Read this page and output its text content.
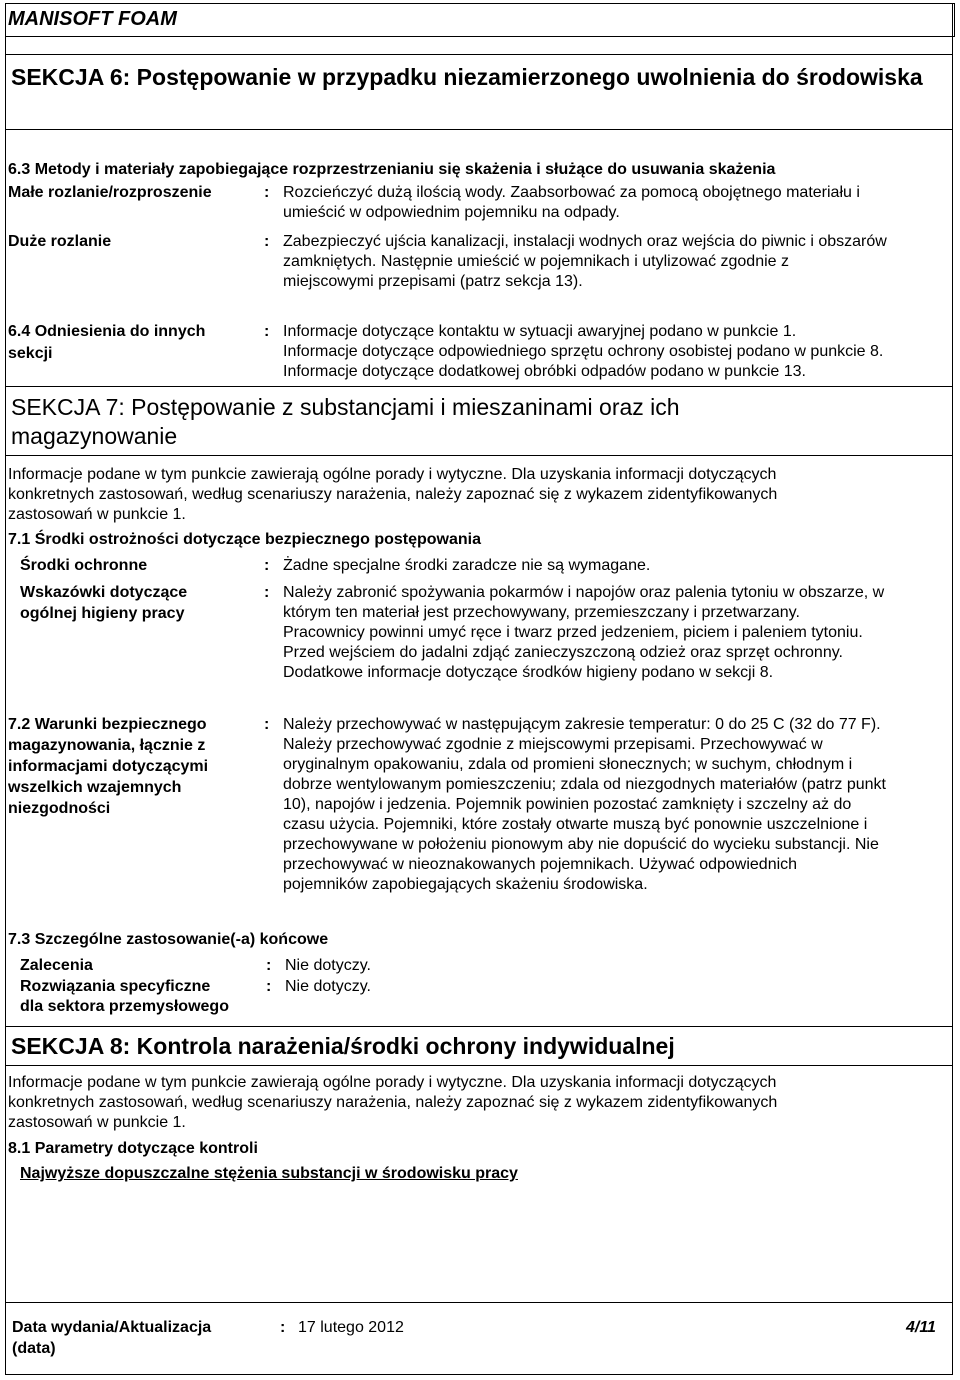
MANISOFT FOAM
SEKCJA 6: Postępowanie w przypadku niezamierzonego uwolnienia do środowiska
6.3 Metody i materiały zapobiegające rozprzestrzenianiu się skażenia i służące do usuwania skażenia
Małe rozlanie/rozproszenie	: Rozcieńczyć dużą ilością wody. Zaabsorbować za pomocą obojętnego materiału i
umieścić w odpowiednim pojemniku na odpady.
Duże rozlanie	: Zabezpieczyć ujścia kanalizacji, instalacji wodnych oraz wejścia do piwnic i obszarów
zamkniętych. Następnie umieścić w pojemnikach i utylizować zgodnie z
miejscowymi przepisami (patrz sekcja 13).
6.4 Odniesienia do innych
sekcji
: Informacje dotyczące kontaktu w sytuacji awaryjnej podano w punkcie 1.
Informacje dotyczące odpowiedniego sprzętu ochrony osobistej podano w punkcie 8.
Informacje dotyczące dodatkowej obróbki odpadów podano w punkcie 13.
SEKCJA 7: Postępowanie z substancjami i mieszaninami oraz ich
magazynowanie
Informacje podane w tym punkcie zawierają ogólne porady i wytyczne. Dla uzyskania informacji dotyczących
konkretnych zastosowań, według scenariuszy narażenia, należy zapoznać się z wykazem zidentyfikowanych
zastosowań w punkcie 1.
7.1 Środki ostrożności dotyczące bezpiecznego postępowania
Środki ochronne	: Żadne specjalne środki zaradcze nie są wymagane.
Wskazówki dotyczące
ogólnej higieny pracy
: Należy zabronić spożywania pokarmów i napojów oraz palenia tytoniu w obszarze, w
którym ten materiał jest przechowywany, przemieszczany i przetwarzany.
Pracownicy powinni umyć ręce i twarz przed jedzeniem, piciem i paleniem tytoniu.
Przed wejściem do jadalni zdjąć zanieczyszczoną odzież oraz sprzęt ochronny.
Dodatkowe informacje dotyczące środków higieny podano w sekcji 8.
7.2 Warunki bezpiecznego
magazynowania, łącznie z
informacjami dotyczącymi
wszelkich wzajemnych
niezgodności
: Należy przechowywać w następującym zakresie temperatur: 0 do 25 C (32 do 77 F).
Należy przechowywać zgodnie z miejscowymi przepisami. Przechowywać w
oryginalnym opakowaniu, zdala od promieni słonecznych; w suchym, chłodnym i
dobrze wentylowanym pomieszczeniu; zdala od niezgodnych materiałów (patrz punkt
10), napojów i jedzenia. Pojemnik powinien pozostać zamknięty i szczelny aż do
czasu użycia. Pojemniki, które zostały otwarte muszą być ponownie uszczelnione i
przechowywane w położeniu pionowym aby nie dopuścić do wycieku substancji. Nie
przechowywać w nieoznakowanych pojemnikach. Używać odpowiednich
pojemników zapobiegających skażeniu środowiska.
7.3 Szczególne zastosowanie(-a) końcowe
Zalecenia	: Nie dotyczy.
Rozwiązania specyficzne
dla sektora przemysłowego
: Nie dotyczy.
SEKCJA 8: Kontrola narażenia/środki ochrony indywidualnej
Informacje podane w tym punkcie zawierają ogólne porady i wytyczne. Dla uzyskania informacji dotyczących
konkretnych zastosowań, według scenariuszy narażenia, należy zapoznać się z wykazem zidentyfikowanych
zastosowań w punkcie 1.
8.1 Parametry dotyczące kontroli
Najwyższe dopuszczalne stężenia substancji w środowisku pracy
Data wydania/Aktualizacja
(data)
: 17 lutego 2012	4/11
